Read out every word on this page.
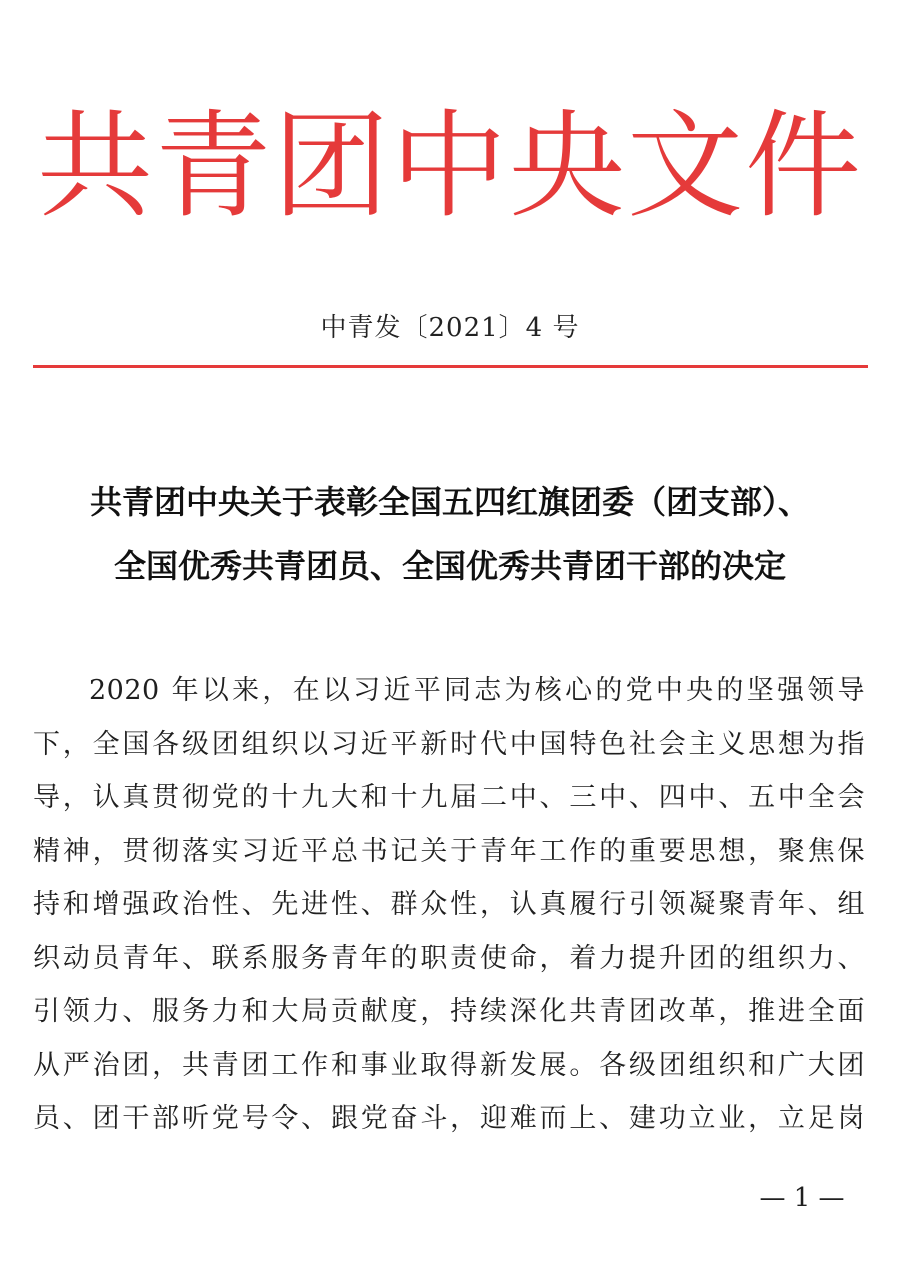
共青团中央文件
中青发〔2021〕4 号
共青团中央关于表彰全国五四红旗团委（团支部）、
全国优秀共青团员、全国优秀共青团干部的决定
2020 年以来，在以习近平同志为核心的党中央的坚强领导
下，全国各级团组织以习近平新时代中国特色社会主义思想为指
导，认真贯彻党的十九大和十九届二中、三中、四中、五中全会
精神，贯彻落实习近平总书记关于青年工作的重要思想，聚焦保
持和增强政治性、先进性、群众性，认真履行引领凝聚青年、组
织动员青年、联系服务青年的职责使命，着力提升团的组织力、
引领力、服务力和大局贡献度，持续深化共青团改革，推进全面
从严治团，共青团工作和事业取得新发展。各级团组织和广大团
员、团干部听党号令、跟党奋斗，迎难而上、建功立业，立足岗
— 1 —
